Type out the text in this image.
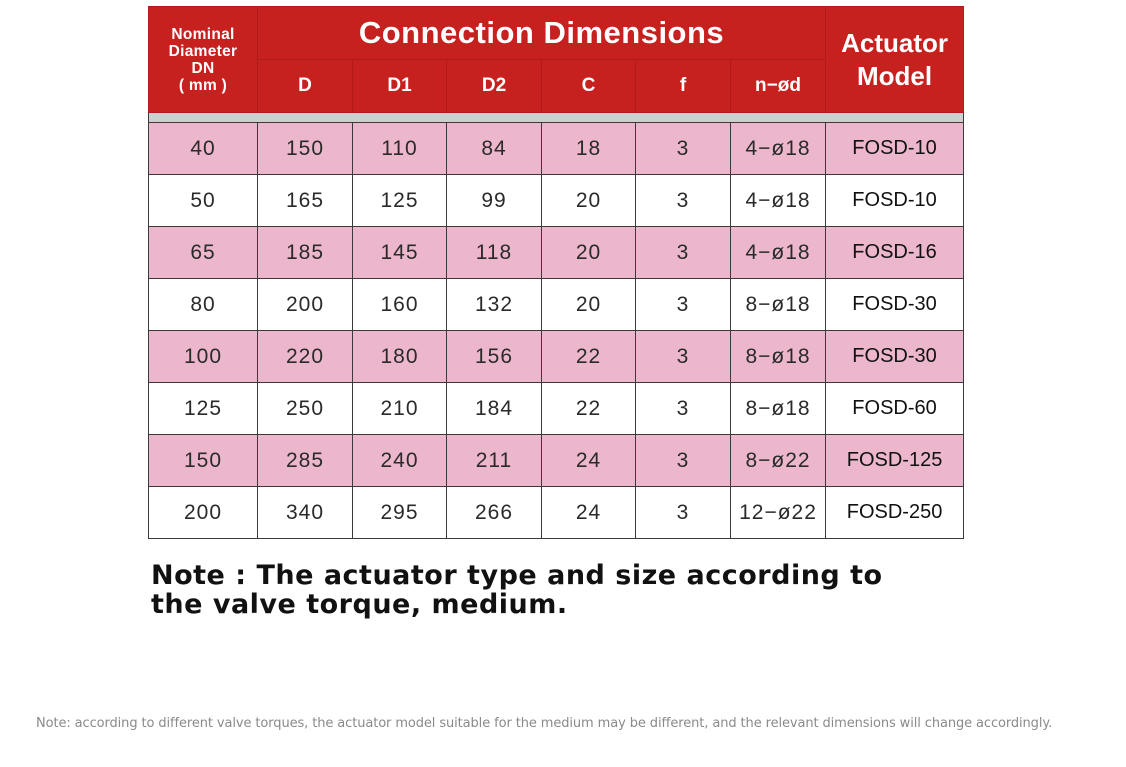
Nominal
Diameter
DN
( mm )	Connection Dimensions						Actuator
Model
	D	D1	D2	C	f	n−ød	

40	150	110	84	18	3	4−ø18	FOSD-10
50	165	125	99	20	3	4−ø18	FOSD-10
65	185	145	118	20	3	4−ø18	FOSD-16
80	200	160	132	20	3	8−ø18	FOSD-30
100	220	180	156	22	3	8−ø18	FOSD-30
125	250	210	184	22	3	8−ø18	FOSD-60
150	285	240	211	24	3	8−ø22	FOSD-125
200	340	295	266	24	3	12−ø22	FOSD-250

Note : The actuator type and size according to
the valve torque, medium.

Note: according to different valve torques, the actuator model suitable for the medium may be different, and the relevant dimensions will change accordingly.
